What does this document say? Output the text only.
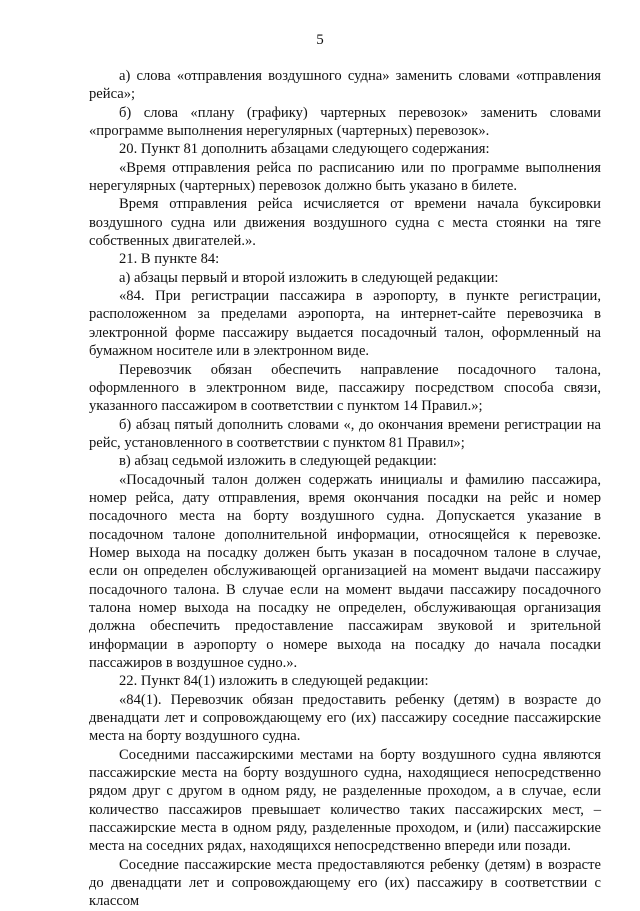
5

а) слова «отправления воздушного судна» заменить словами «отправления рейса»;

б) слова «плану (графику) чартерных перевозок» заменить словами «программе выполнения нерегулярных (чартерных) перевозок».

20. Пункт 81 дополнить абзацами следующего содержания:

«Время отправления рейса по расписанию или по программе выполнения нерегулярных (чартерных) перевозок должно быть указано в билете.

Время отправления рейса исчисляется от времени начала буксировки воздушного судна или движения воздушного судна с места стоянки на тяге собственных двигателей.».

21. В пункте 84:

а) абзацы первый и второй изложить в следующей редакции:

«84. При регистрации пассажира в аэропорту, в пункте регистрации, расположенном за пределами аэропорта, на интернет-сайте перевозчика в электронной форме пассажиру выдается посадочный талон, оформленный на бумажном носителе или в электронном виде.

Перевозчик обязан обеспечить направление посадочного талона, оформленного в электронном виде, пассажиру посредством способа связи, указанного пассажиром в соответствии с пунктом 14 Правил.»;

б) абзац пятый дополнить словами «, до окончания времени регистрации на рейс, установленного в соответствии с пунктом 81 Правил»;

в) абзац седьмой изложить в следующей редакции:

«Посадочный талон должен содержать инициалы и фамилию пассажира, номер рейса, дату отправления, время окончания посадки на рейс и номер посадочного места на борту воздушного судна. Допускается указание в посадочном талоне дополнительной информации, относящейся к перевозке. Номер выхода на посадку должен быть указан в посадочном талоне в случае, если он определен обслуживающей организацией на момент выдачи пассажиру посадочного талона. В случае если на момент выдачи пассажиру посадочного талона номер выхода на посадку не определен, обслуживающая организация должна обеспечить предоставление пассажирам звуковой и зрительной информации в аэропорту о номере выхода на посадку до начала посадки пассажиров в воздушное судно.».

22. Пункт 84(1) изложить в следующей редакции:

«84(1). Перевозчик обязан предоставить ребенку (детям) в возрасте до двенадцати лет и сопровождающему его (их) пассажиру соседние пассажирские места на борту воздушного судна.

Соседними пассажирскими местами на борту воздушного судна являются пассажирские места на борту воздушного судна, находящиеся непосредственно рядом друг с другом в одном ряду, не разделенные проходом, а в случае, если количество пассажиров превышает количество таких пассажирских мест, – пассажирские места в одном ряду, разделенные проходом, и (или) пассажирские места на соседних рядах, находящихся непосредственно впереди или позади.

Соседние пассажирские места предоставляются ребенку (детям) в возрасте до двенадцати лет и сопровождающему его (их) пассажиру в соответствии с классом
